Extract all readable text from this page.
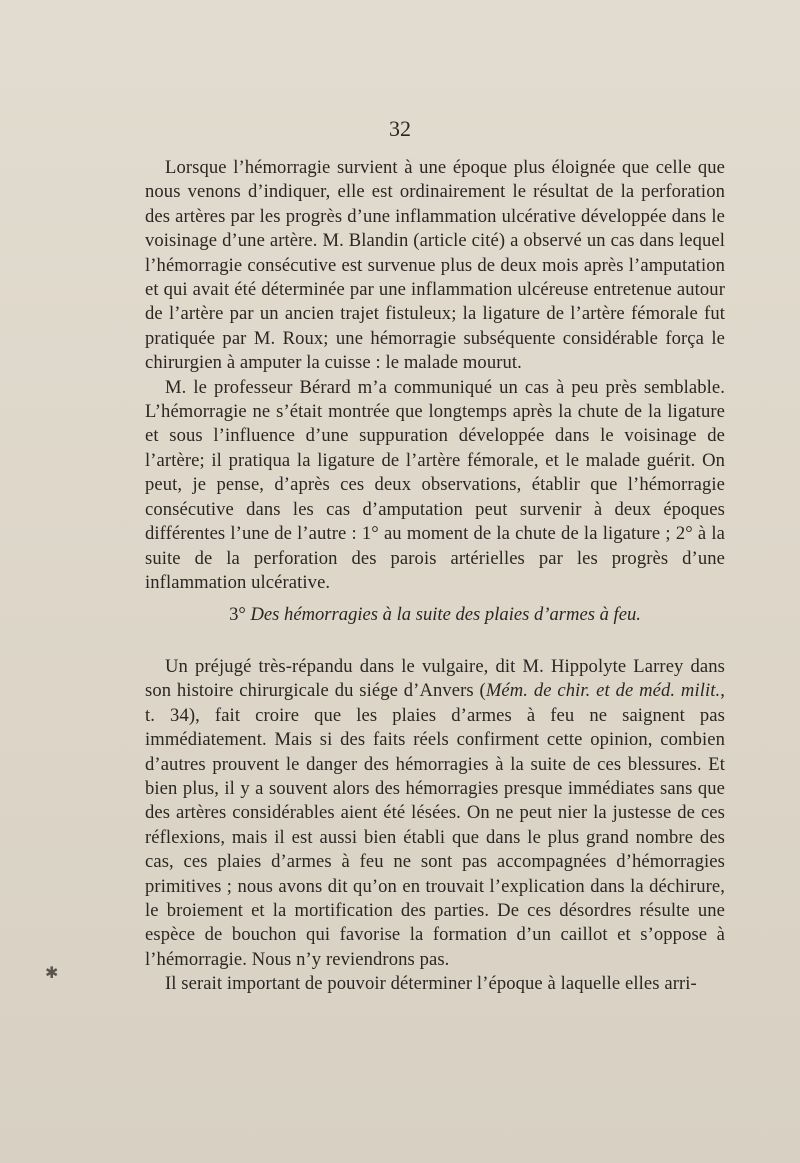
32

Lorsque l’hémorragie survient à une époque plus éloignée que celle que nous venons d’indiquer, elle est ordinairement le résultat de la perforation des artères par les progrès d’une inflammation ulcérative développée dans le voisinage d’une artère. M. Blandin (article cité) a observé un cas dans lequel l’hémorragie consécutive est survenue plus de deux mois après l’amputation et qui avait été déterminée par une inflammation ulcéreuse entretenue autour de l’artère par un ancien trajet fistuleux; la ligature de l’artère fémorale fut pratiquée par M. Roux; une hémorragie subséquente considérable força le chirurgien à amputer la cuisse : le malade mourut.

M. le professeur Bérard m’a communiqué un cas à peu près semblable. L’hémorragie ne s’était montrée que longtemps après la chute de la ligature et sous l’influence d’une suppuration développée dans le voisinage de l’artère; il pratiqua la ligature de l’artère fémorale, et le malade guérit. On peut, je pense, d’après ces deux observations, établir que l’hémorragie consécutive dans les cas d’amputation peut survenir à deux époques différentes l’une de l’autre : 1° au moment de la chute de la ligature ; 2° à la suite de la perforation des parois artérielles par les progrès d’une inflammation ulcérative.

3° Des hémorragies à la suite des plaies d’armes à feu.

Un préjugé très-répandu dans le vulgaire, dit M. Hippolyte Larrey dans son histoire chirurgicale du siége d’Anvers (Mém. de chir. et de méd. milit., t. 34), fait croire que les plaies d’armes à feu ne saignent pas immédiatement. Mais si des faits réels confirment cette opinion, combien d’autres prouvent le danger des hémorragies à la suite de ces blessures. Et bien plus, il y a souvent alors des hémorragies presque immédiates sans que des artères considérables aient été lésées. On ne peut nier la justesse de ces réflexions, mais il est aussi bien établi que dans le plus grand nombre des cas, ces plaies d’armes à feu ne sont pas accompagnées d’hémorragies primitives ; nous avons dit qu’on en trouvait l’explication dans la déchirure, le broiement et la mortification des parties. De ces désordres résulte une espèce de bouchon qui favorise la formation d’un caillot et s’oppose à l’hémorragie. Nous n’y reviendrons pas.

Il serait important de pouvoir déterminer l’époque à laquelle elles arri-

✱
